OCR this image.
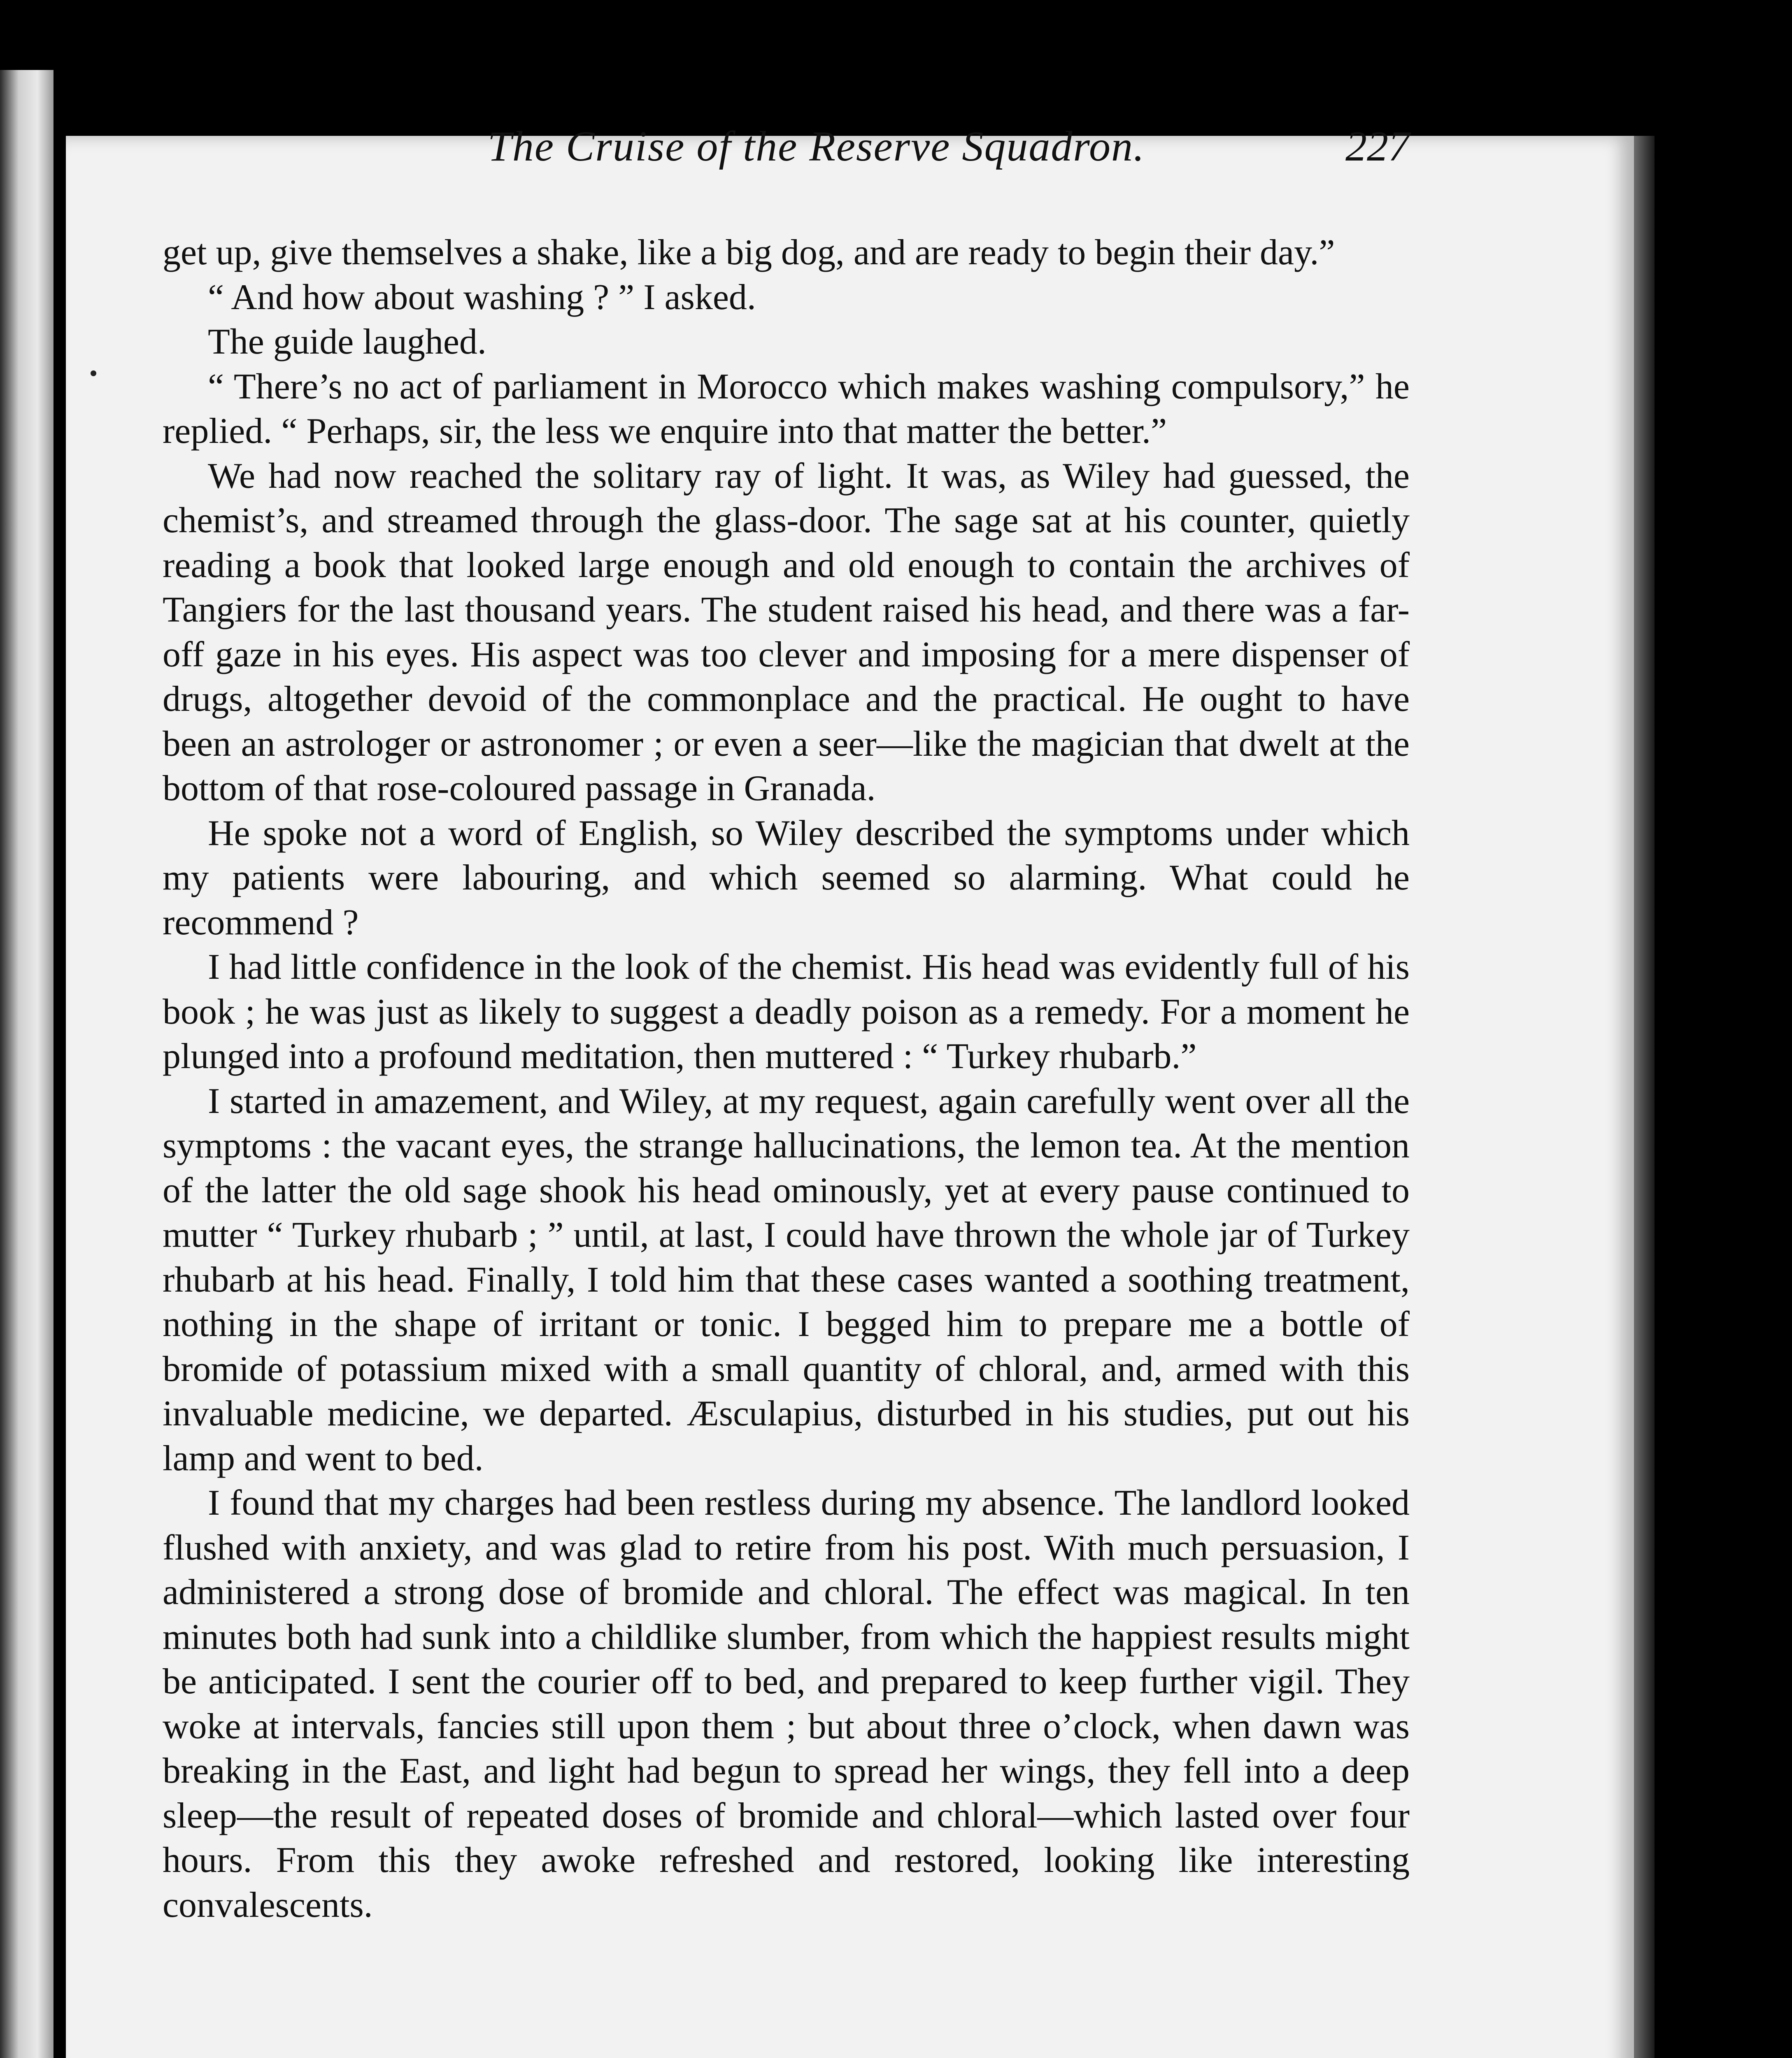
The Cruise of the Reserve Squadron.	227

get up, give themselves a shake, like a big dog, and are ready to begin their day.”

“ And how about washing ? ” I asked.

The guide laughed.

“ There’s no act of parliament in Morocco which makes washing compulsory,” he replied. “ Perhaps, sir, the less we enquire into that matter the better.”

We had now reached the solitary ray of light. It was, as Wiley had guessed, the chemist’s, and streamed through the glass-door. The sage sat at his counter, quietly reading a book that looked large enough and old enough to contain the archives of Tangiers for the last thousand years. The student raised his head, and there was a far-off gaze in his eyes. His aspect was too clever and imposing for a mere dispenser of drugs, altogether devoid of the commonplace and the practical. He ought to have been an astrologer or astronomer ; or even a seer—like the magician that dwelt at the bottom of that rose-coloured passage in Granada.

He spoke not a word of English, so Wiley described the symptoms under which my patients were labouring, and which seemed so alarming. What could he recommend ?

I had little confidence in the look of the chemist. His head was evidently full of his book ; he was just as likely to suggest a deadly poison as a remedy. For a moment he plunged into a profound meditation, then muttered : “ Turkey rhubarb.”

I started in amazement, and Wiley, at my request, again carefully went over all the symptoms : the vacant eyes, the strange hallucinations, the lemon tea. At the mention of the latter the old sage shook his head ominously, yet at every pause continued to mutter “ Turkey rhubarb ; ” until, at last, I could have thrown the whole jar of Turkey rhubarb at his head. Finally, I told him that these cases wanted a soothing treatment, nothing in the shape of irritant or tonic. I begged him to prepare me a bottle of bromide of potassium mixed with a small quantity of chloral, and, armed with this invaluable medicine, we departed. Æsculapius, disturbed in his studies, put out his lamp and went to bed.

I found that my charges had been restless during my absence. The landlord looked flushed with anxiety, and was glad to retire from his post. With much persuasion, I administered a strong dose of bromide and chloral. The effect was magical. In ten minutes both had sunk into a childlike slumber, from which the happiest results might be anticipated. I sent the courier off to bed, and prepared to keep further vigil. They woke at intervals, fancies still upon them ; but about three o’clock, when dawn was breaking in the East, and light had begun to spread her wings, they fell into a deep sleep—the result of repeated doses of bromide and chloral—which lasted over four hours. From this they awoke refreshed and restored, looking like interesting convalescents.
